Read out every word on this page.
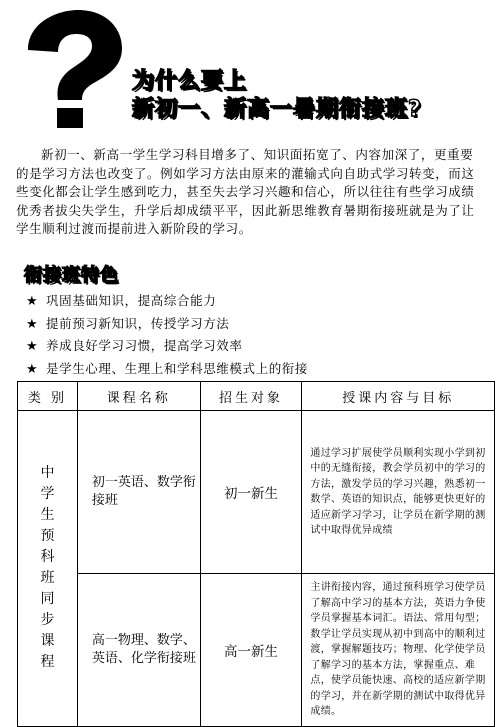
为什么要上
新初一、新高一暑期衔接班?

新初一、新高一学生学习科目增多了、知识面拓宽了、内容加深了，更重要的是学习方法也改变了。例如学习方法由原来的灌输式向自助式学习转变，而这些变化都会让学生感到吃力，甚至失去学习兴趣和信心，所以往往有些学习成绩优秀者拔尖失学生，升学后却成绩平平，因此新思维教育暑期衔接班就是为了让学生顺利过渡而提前进入新阶段的学习。

衔接班特色
★ 巩固基础知识，提高综合能力
★ 提前预习新知识，传授学习方法
★ 养成良好学习习惯，提高学习效率
★ 是学生心理、生理上和学科思维模式上的衔接
类 别	课程名称	招生对象	授课内容与目标

中学生预科班同步课程	初一英语、数学衔接班	初一新生	通过学习扩展使学员顺利实现小学到初中的无缝衔接，教会学员初中的学习的方法，激发学员的学习兴趣，熟悉初一数学、英语的知识点，能够更快更好的适应新学习学习，让学员在新学期的测试中取得优异成绩
	高一物理、数学、英语、化学衔接班	高一新生	主讲衔接内容，通过预科班学习使学员了解高中学习的基本方法，英语力争使学员掌握基本词汇。语法、常用句型；数学让学员实现从初中到高中的顺利过渡，掌握解题技巧；物理、化学使学员了解学习的基本方法，掌握重点、难点，使学员能快速、高校的适应新学期的学习，并在新学期的测试中取得优异成绩。
